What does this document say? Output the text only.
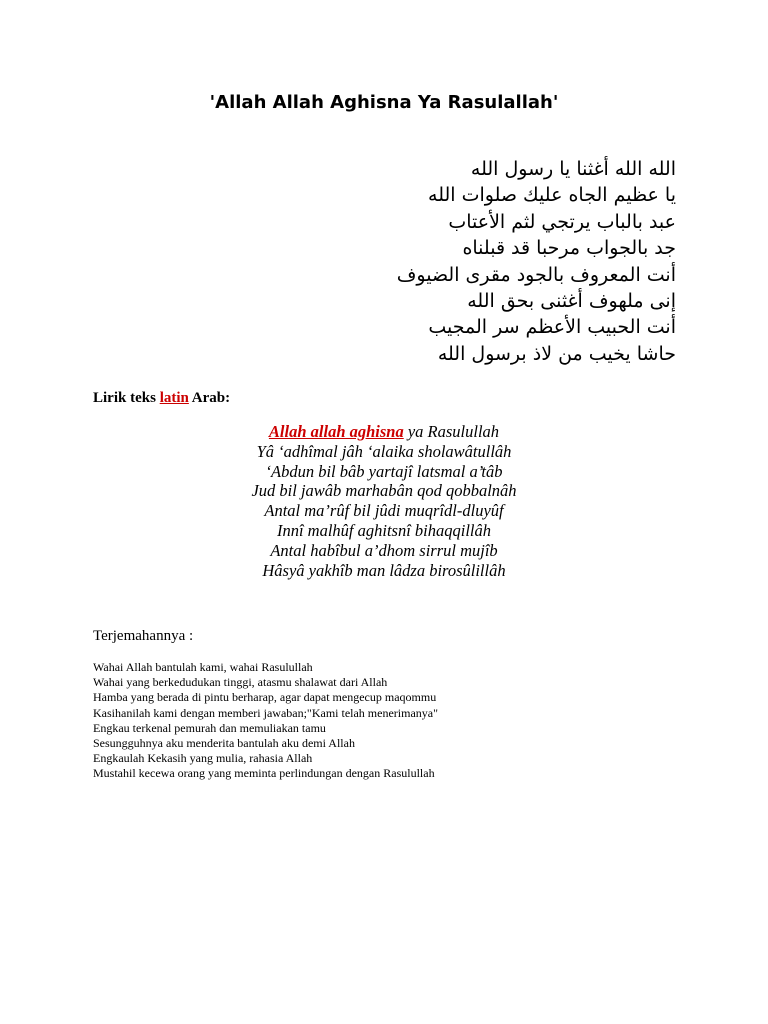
'Allah Allah Aghisna Ya Rasulallah'
الله الله أغثنا يا رسول الله
يا عظيم الجاه عليك صلوات الله
عبد بالباب يرتجي لثم الأعتاب
جد بالجواب مرحبا قد قبلناه
أنت المعروف بالجود مقرى الضيوف
إنى ملهوف أغثنى بحق الله
أنت الحبيب الأعظم سر المجيب
حاشا يخيب من لاذ برسول الله
Lirik teks latin Arab:
Allah allah aghisna ya Rasulullah
Yâ ‘adhîmal jâh ‘alaika sholawâtullâh
‘Abdun bil bâb yartajî latsmal a’tâb
Jud bil jawâb marhabân qod qobbalnâh
Antal ma’rûf bil jûdi muqrîdl-dluyûf
Innî malhûf aghitsnî bihaqqillâh
Antal habîbul a’dhom sirrul mujîb
Hâsyâ yakhîb man lâdza birosûlillâh
Terjemahannya :
Wahai Allah bantulah kami, wahai Rasulullah
Wahai yang berkedudukan tinggi, atasmu shalawat dari Allah
Hamba yang berada di pintu berharap, agar dapat mengecup maqommu
Kasihanilah kami dengan memberi jawaban;"Kami telah menerimanya"
Engkau terkenal pemurah dan memuliakan tamu
Sesungguhnya aku menderita bantulah aku demi Allah
Engkaulah Kekasih yang mulia, rahasia Allah
Mustahil kecewa orang yang meminta perlindungan dengan Rasulullah
